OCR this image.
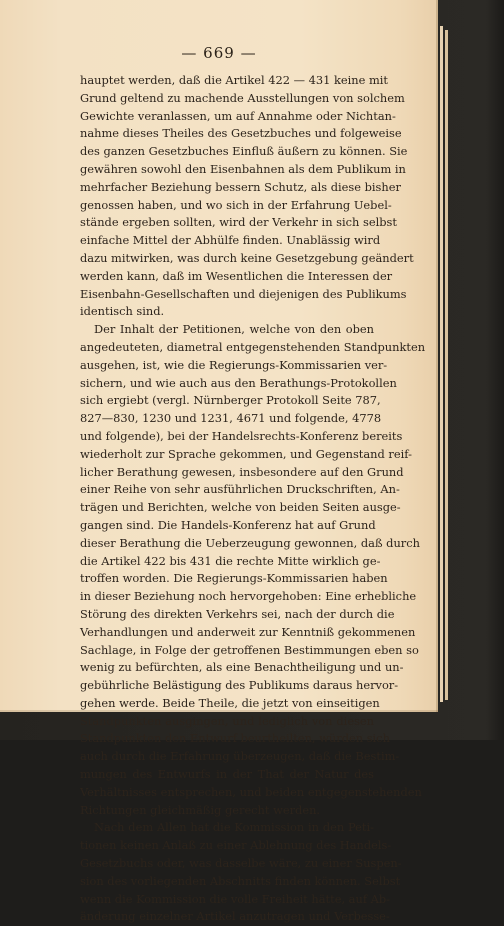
— 669 —
hauptet werden, daß die Artikel 422 — 431 keine mit
Grund geltend zu machende Ausstellungen von solchem
Gewichte veranlassen, um auf Annahme oder Nichtan-
nahme dieses Theiles des Gesetzbuches und folgeweise
des ganzen Gesetzbuches Einfluß äußern zu können. Sie
gewähren sowohl den Eisenbahnen als dem Publikum in
mehrfacher Beziehung bessern Schutz, als diese bisher
genossen haben, und wo sich in der Erfahrung Uebel-
stände ergeben sollten, wird der Verkehr in sich selbst
einfache Mittel der Abhülfe finden. Unablässig wird
dazu mitwirken, was durch keine Gesetzgebung geändert
werden kann, daß im Wesentlichen die Interessen der
Eisenbahn-Gesellschaften und diejenigen des Publikums
identisch sind.
Der Inhalt der Petitionen, welche von den oben
angedeuteten, diametral entgegenstehenden Standpunkten
ausgehen, ist, wie die Regierungs-Kommissarien ver-
sichern, und wie auch aus den Berathungs-Protokollen
sich ergiebt (vergl. Nürnberger Protokoll Seite 787,
827—830, 1230 und 1231, 4671 und folgende, 4778
und folgende), bei der Handelsrechts-Konferenz bereits
wiederholt zur Sprache gekommen, und Gegenstand reif-
licher Berathung gewesen, insbesondere auf den Grund
einer Reihe von sehr ausführlichen Druckschriften, An-
trägen und Berichten, welche von beiden Seiten ausge-
gangen sind. Die Handels-Konferenz hat auf Grund
dieser Berathung die Ueberzeugung gewonnen, daß durch
die Artikel 422 bis 431 die rechte Mitte wirklich ge-
troffen worden. Die Regierungs-Kommissarien haben
in dieser Beziehung noch hervorgehoben: Eine erhebliche
Störung des direkten Verkehrs sei, nach der durch die
Verhandlungen und anderweit zur Kenntniß gekommenen
Sachlage, in Folge der getroffenen Bestimmungen eben so
wenig zu befürchten, als eine Benachtheiligung und un-
gebührliche Belästigung des Publikums daraus hervor-
gehen werde. Beide Theile, die jetzt von einseitigen
Standpunkten ausgingen, und lediglich von diesen
Standpunkten den Entwurf beurtheilten, würden sich
auch durch die Erfahrung überzeugen, daß die Bestim-
mungen des Entwurfs in der That der Natur des
Verhältnisses entsprechen, und beiden entgegenstehenden
Richtungen gleichmäßig gerecht werden.
Nach dem Allen hat die Kommission in den Peti-
tionen keinen Anlaß zu einer Ablehnung des Handels-
Gesetzbuchs oder, was dasselbe wäre, zu einer Suspen-
sion des vorliegenden Abschnitts finden können. Selbst
wenn die Kommission die volle Freiheit hätte, auf Ab-
änderung einzelner Artikel anzutragen und Verbesse-
